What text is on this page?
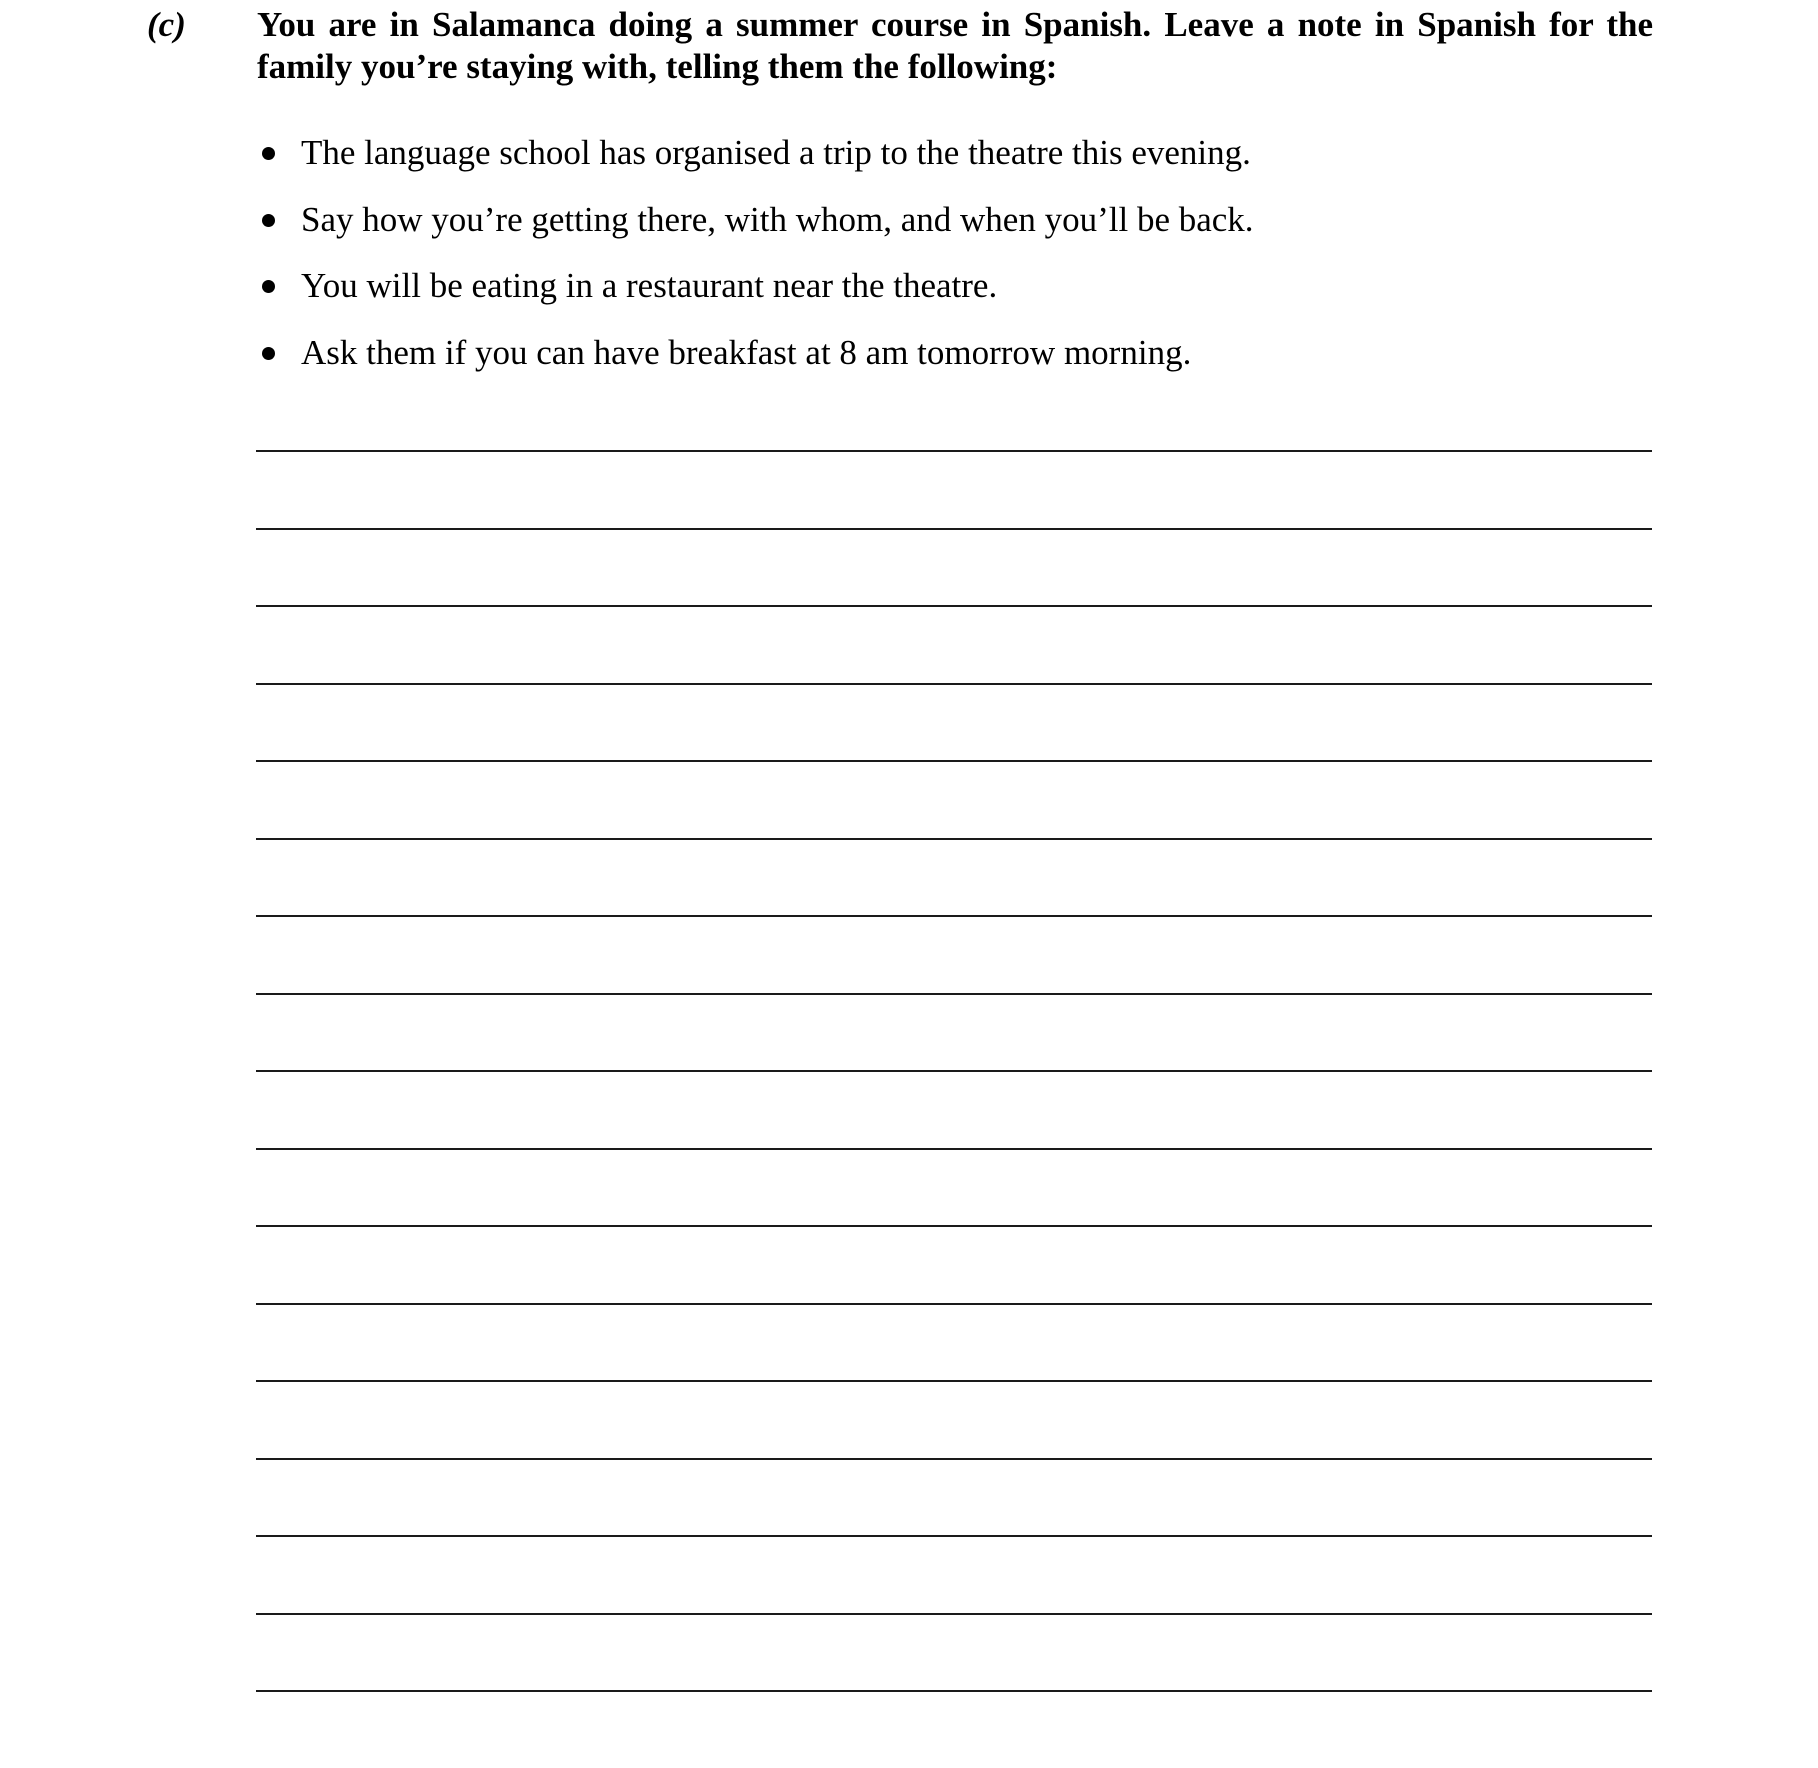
(c) You are in Salamanca doing a summer course in Spanish. Leave a note in Spanish for the family you’re staying with, telling them the following:
The language school has organised a trip to the theatre this evening.
Say how you’re getting there, with whom, and when you’ll be back.
You will be eating in a restaurant near the theatre.
Ask them if you can have breakfast at 8 am tomorrow morning.
